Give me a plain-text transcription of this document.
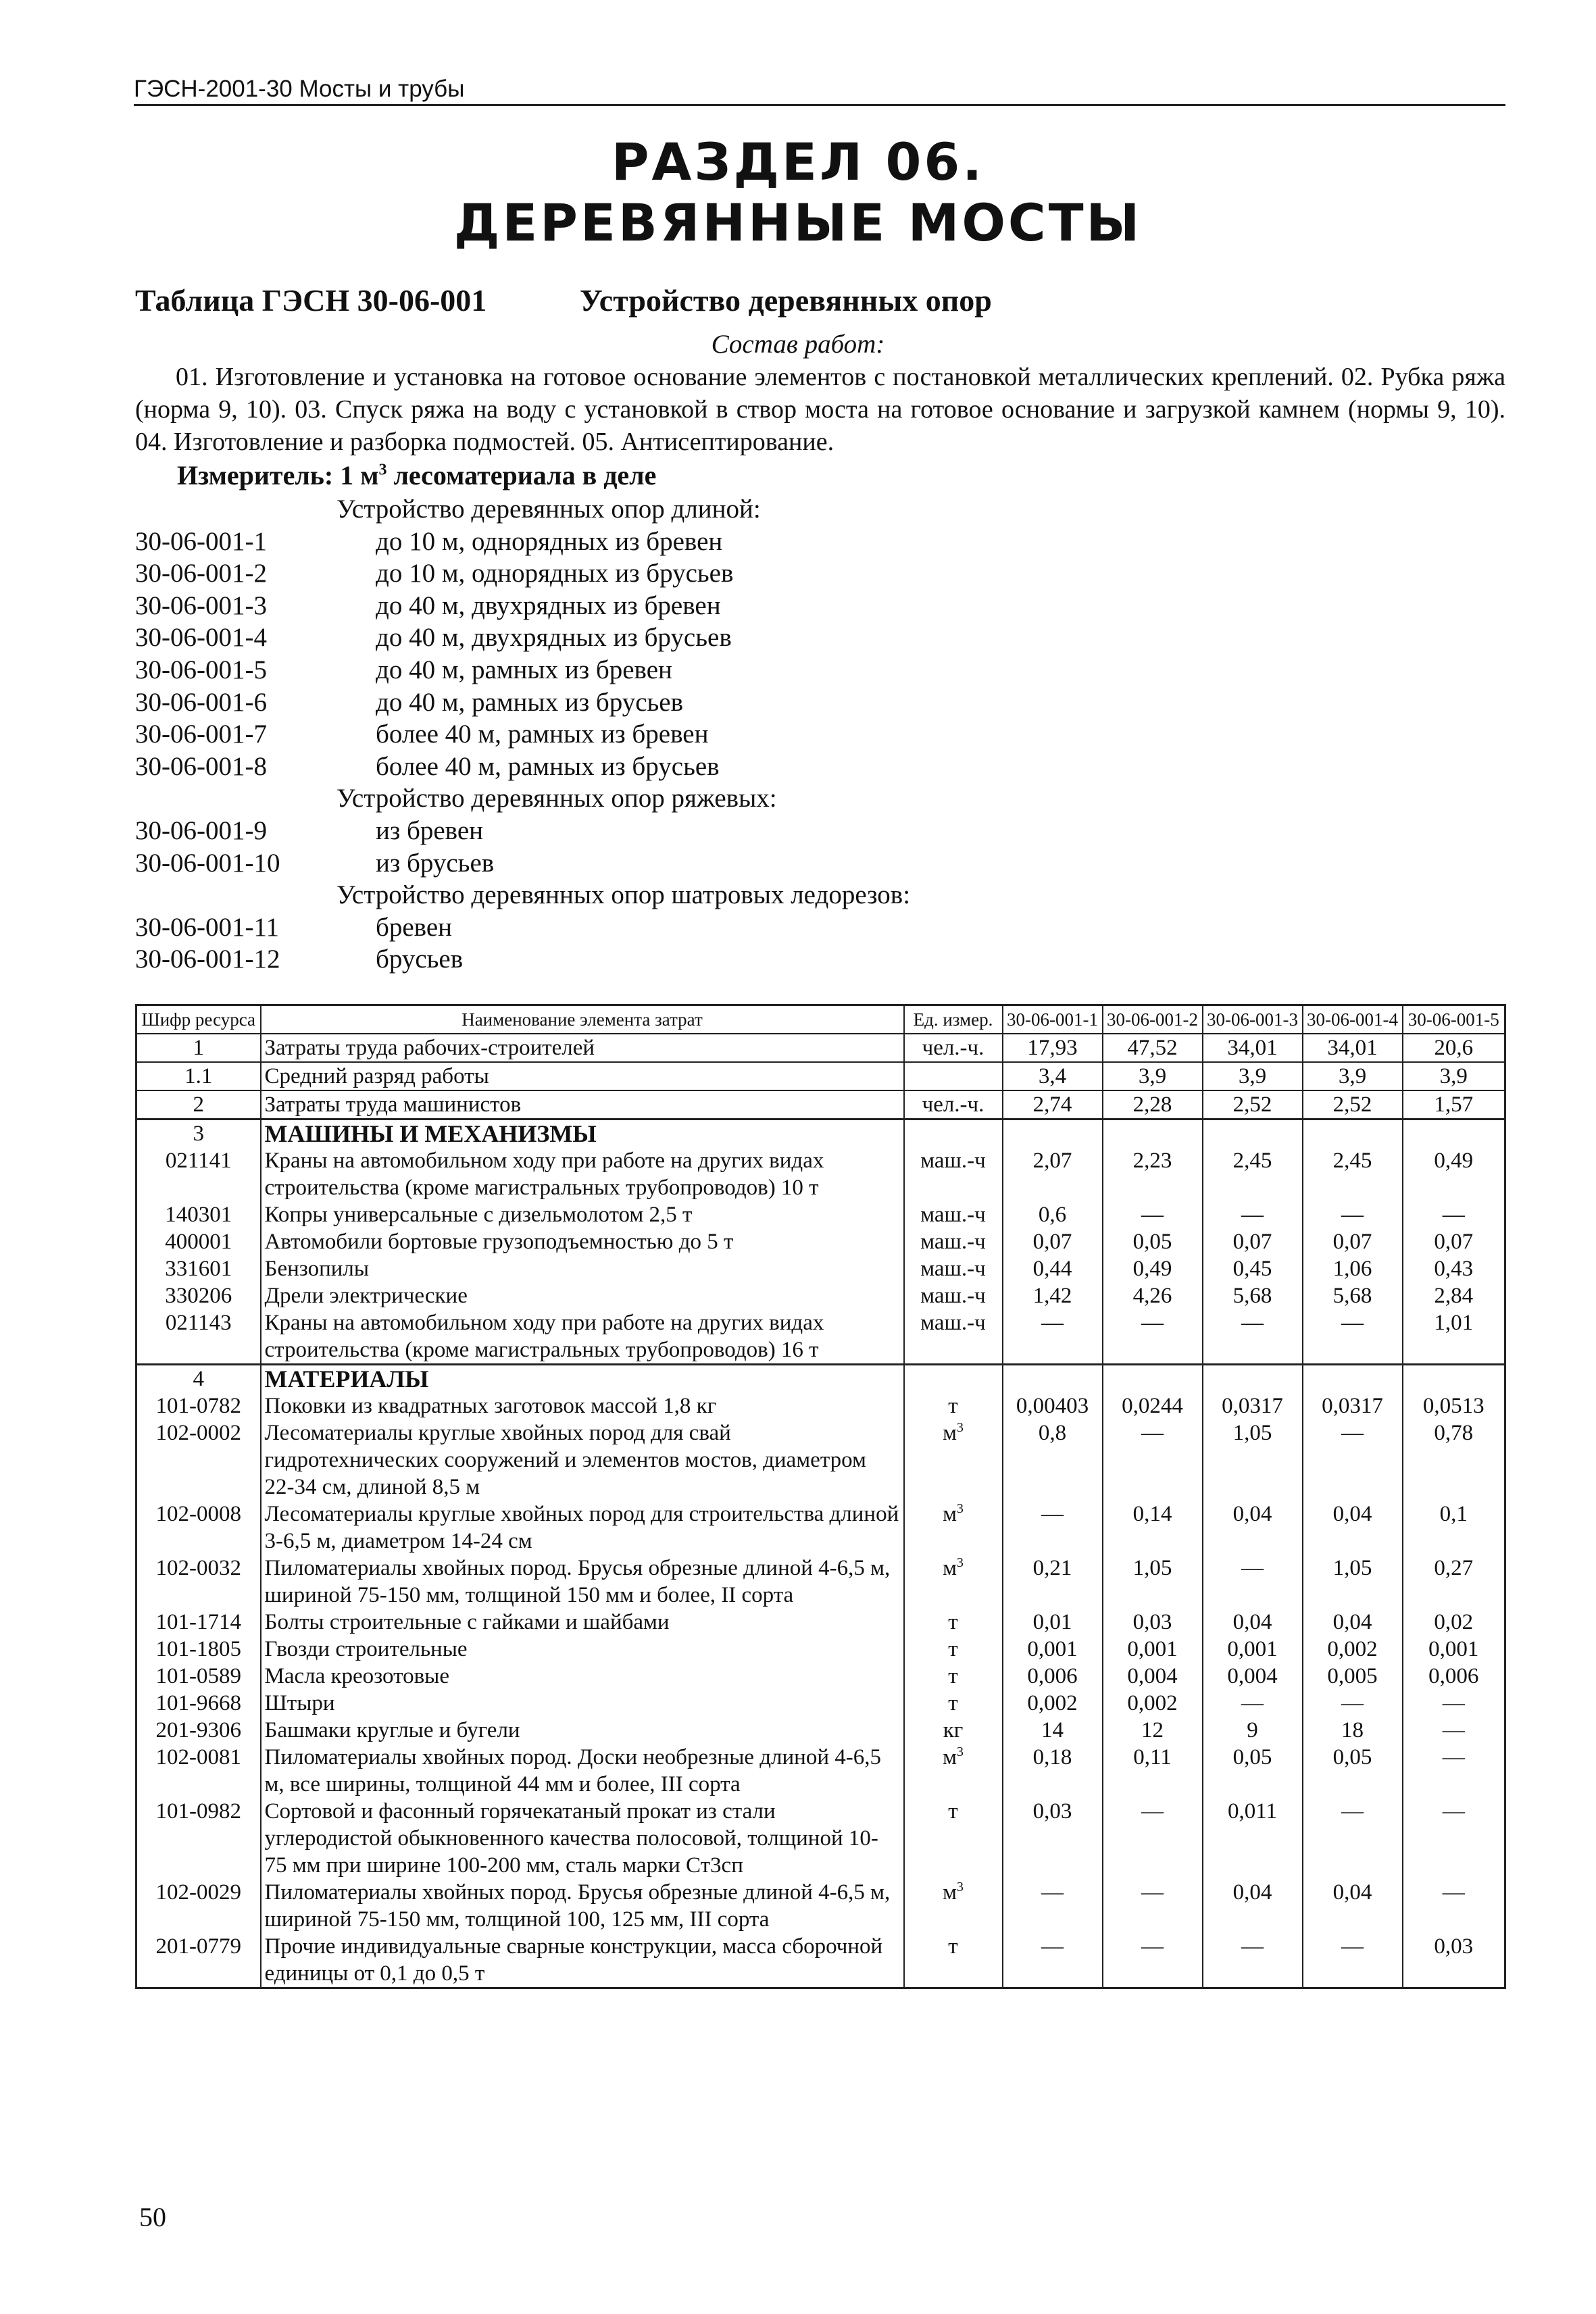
ГЭСН-2001-30 Мосты и трубы
РАЗДЕЛ 06.
ДЕРЕВЯННЫЕ МОСТЫ
Таблица ГЭСН 30-06-001	Устройство деревянных опор
Состав работ:
01. Изготовление и установка на готовое основание элементов с постановкой металлических креплений. 02. Рубка ряжа (норма 9, 10). 03. Спуск ряжа на воду с установкой в створ моста на готовое основание и загрузкой камнем (нормы 9, 10). 04. Изготовление и разборка подмостей. 05. Антисептирование.
Измеритель: 1 $м^3$ лесоматериала в деле
Устройство деревянных опор длиной:
30-06-001-1	до 10 м, однорядных из бревен
30-06-001-2	до 10 м, однорядных из брусьев
30-06-001-3	до 40 м, двухрядных из бревен
30-06-001-4	до 40 м, двухрядных из брусьев
30-06-001-5	до 40 м, рамных из бревен
30-06-001-6	до 40 м, рамных из брусьев
30-06-001-7	более 40 м, рамных из бревен
30-06-001-8	более 40 м, рамных из брусьев
Устройство деревянных опор ряжевых:
30-06-001-9	из бревен
30-06-001-10	из брусьев
Устройство деревянных опор шатровых ледорезов:
30-06-001-11	бревен
30-06-001-12	брусьев
Шифр ресурса	Наименование элемента затрат	Ед. измер.	30-06-001-1	30-06-001-2	30-06-001-3	30-06-001-4	30-06-001-5
1	Затраты труда рабочих-строителей	чел.-ч.	17,93	47,52	34,01	34,01	20,6
1.1	Средний разряд работы		3,4	3,9	3,9	3,9	3,9
2	Затраты труда машинистов	чел.-ч.	2,74	2,28	2,52	2,52	1,57
3	МАШИНЫ И МЕХАНИЗМЫ						
021141	Краны на автомобильном ходу при работе на других видах строительства (кроме магистральных трубопроводов) 10 т	маш.-ч	2,07	2,23	2,45	2,45	0,49
140301	Копры универсальные с дизельмолотом 2,5 т	маш.-ч	0,6	—	—	—	—
400001	Автомобили бортовые грузоподъемностью до 5 т	маш.-ч	0,07	0,05	0,07	0,07	0,07
331601	Бензопилы	маш.-ч	0,44	0,49	0,45	1,06	0,43
330206	Дрели электрические	маш.-ч	1,42	4,26	5,68	5,68	2,84
021143	Краны на автомобильном ходу при работе на других видах строительства (кроме магистральных трубопроводов) 16 т	маш.-ч	—	—	—	—	1,01
4	МАТЕРИАЛЫ						
101-0782	Поковки из квадратных заготовок массой 1,8 кг	т	0,00403	0,0244	0,0317	0,0317	0,0513
102-0002	Лесоматериалы круглые хвойных пород для свай гидротехнических сооружений и элементов мостов, диаметром 22-34 см, длиной 8,5 м	$м^3$	0,8	—	1,05	—	0,78
102-0008	Лесоматериалы круглые хвойных пород для строительства длиной 3-6,5 м, диаметром 14-24 см	$м^3$	—	0,14	0,04	0,04	0,1
102-0032	Пиломатериалы хвойных пород. Брусья обрезные длиной 4-6,5 м, шириной 75-150 мм, толщиной 150 мм и более, II сорта	$м^3$	0,21	1,05	—	1,05	0,27
101-1714	Болты строительные с гайками и шайбами	т	0,01	0,03	0,04	0,04	0,02
101-1805	Гвозди строительные	т	0,001	0,001	0,001	0,002	0,001
101-0589	Масла креозотовые	т	0,006	0,004	0,004	0,005	0,006
101-9668	Штыри	т	0,002	0,002	—	—	—
201-9306	Башмаки круглые и бугели	кг	14	12	9	18	—
102-0081	Пиломатериалы хвойных пород. Доски необрезные длиной 4-6,5 м, все ширины, толщиной 44 мм и более, III сорта	$м^3$	0,18	0,11	0,05	0,05	—
101-0982	Сортовой и фасонный горячекатаный прокат из стали углеродистой обыкновенного качества полосовой, толщиной 10-75 мм при ширине 100-200 мм, сталь марки Ст3сп	т	0,03	—	0,011	—	—
102-0029	Пиломатериалы хвойных пород. Брусья обрезные длиной 4-6,5 м, шириной 75-150 мм, толщиной 100, 125 мм, III сорта	$м^3$	—	—	0,04	0,04	—
201-0779	Прочие индивидуальные сварные конструкции, масса сборочной единицы от 0,1 до 0,5 т	т	—	—	—	—	0,03
50
